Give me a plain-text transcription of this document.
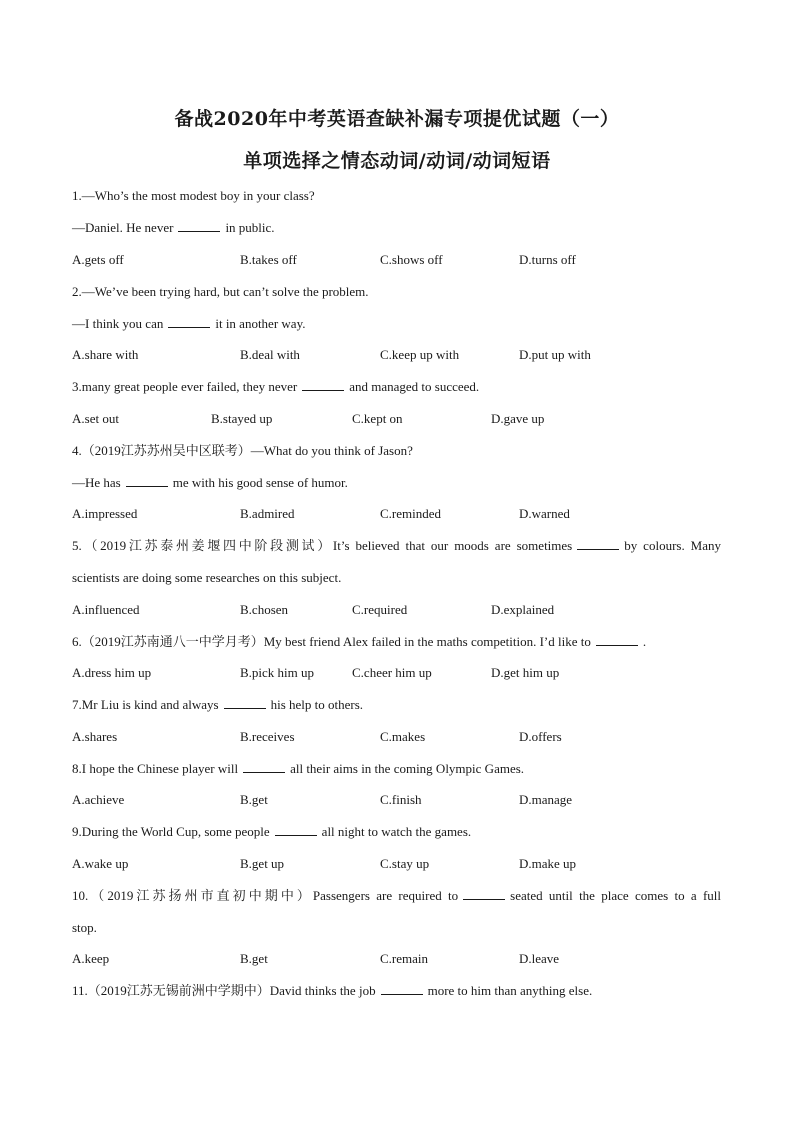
备战2020年中考英语查缺补漏专项提优试题（一）
单项选择之情态动词/动词/动词短语
1.—Who’s the most modest boy in your class?
—Daniel. He never	in public.
A.gets off	B.takes off	C.shows off	D.turns off
2.—We’ve been trying hard, but can’t solve the problem.
—I think you can	it in another way.
A.share with	B.deal with	C.keep up with	D.put up with
3.many great people ever failed, they never	and managed to succeed.
A.set out	B.stayed up	C.kept on	D.gave up
4.（2019江苏苏州吴中区联考）—What do you think of Jason?
—He has	me with his good sense of humor.
A.impressed	B.admired	C.reminded	D.warned
5.（2019江苏泰州姜堰四中阶段测试）It’s believed that our moods are sometimes	by colours. Many
scientists are doing some researches on this subject.
A.influenced	B.chosen	C.required	D.explained
6.（2019江苏南通八一中学月考）My best friend Alex failed in the maths competition. I’d like to	.
A.dress him up	B.pick him up	C.cheer him up	D.get him up
7.Mr Liu is kind and always	his help to others.
A.shares	B.receives	C.makes	D.offers
8.I hope the Chinese player will	all their aims in the coming Olympic Games.
A.achieve	B.get	C.finish	D.manage
9.During the World Cup, some people	all night to watch the games.
A.wake up	B.get up	C.stay up	D.make up
10.（2019江苏扬州市直初中期中）Passengers are required to	seated until the place comes to a full
stop.
A.keep	B.get	C.remain	D.leave
11.（2019江苏无锡前洲中学期中）David thinks the job	more to him than anything else.
